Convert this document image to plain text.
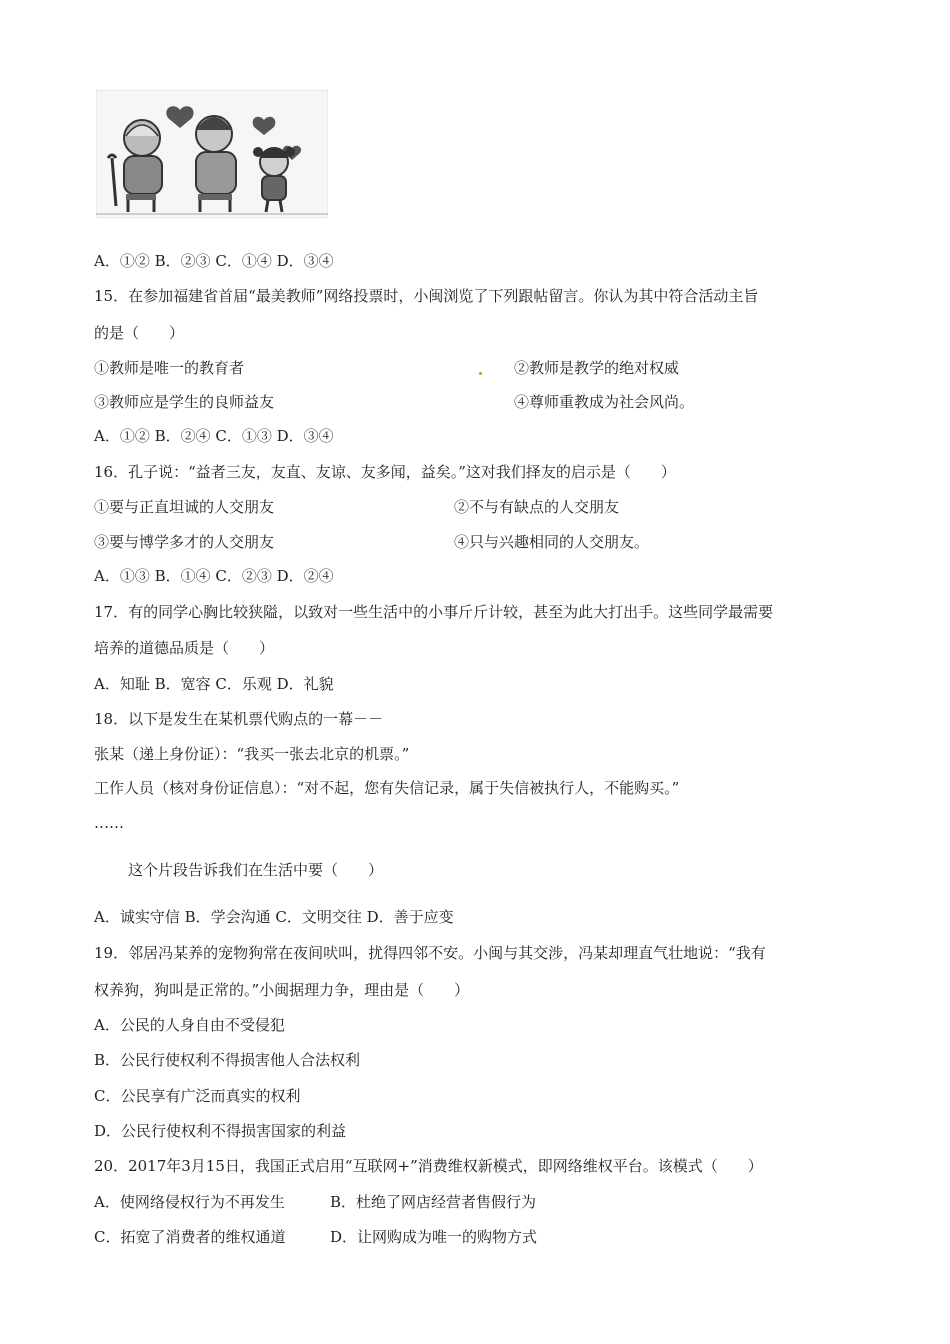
A．①② B．②③ C．①④ D．③④
15．在参加福建省首届“最美教师”网络投票时，小闽浏览了下列跟帖留言。你认为其中符合活动主旨
的是（　　）
①教师是唯一的教育者	②教师是教学的绝对权威
③教师应是学生的良师益友	④尊师重教成为社会风尚。
A．①② B．②④ C．①③ D．③④
16．孔子说：“益者三友，友直、友谅、友多闻，益矣。”这对我们择友的启示是（　　）
①要与正直坦诚的人交朋友	②不与有缺点的人交朋友
③要与博学多才的人交朋友	④只与兴趣相同的人交朋友。
A．①③ B．①④ C．②③ D．②④
17．有的同学心胸比较狭隘，以致对一些生活中的小事斤斤计较，甚至为此大打出手。这些同学最需要
培养的道德品质是（　　）
A．知耻 B．宽容 C．乐观 D．礼貌
18．以下是发生在某机票代购点的一幕－－
张某（递上身份证）：“我买一张去北京的机票。”
工作人员（核对身份证信息）：“对不起，您有失信记录，属于失信被执行人，不能购买。”
……
这个片段告诉我们在生活中要（　　）
A．诚实守信 B．学会沟通 C．文明交往 D．善于应变
19．邻居冯某养的宠物狗常在夜间吠叫，扰得四邻不安。小闽与其交涉，冯某却理直气壮地说：“我有
权养狗，狗叫是正常的。”小闽据理力争，理由是（　　）
A．公民的人身自由不受侵犯
B．公民行使权利不得损害他人合法权利
C．公民享有广泛而真实的权利
D．公民行使权利不得损害国家的利益
20．2017年3月15日，我国正式启用“互联网+”消费维权新模式，即网络维权平台。该模式（　　）
A．使网络侵权行为不再发生	B．杜绝了网店经营者售假行为
C．拓宽了消费者的维权通道	D．让网购成为唯一的购物方式
